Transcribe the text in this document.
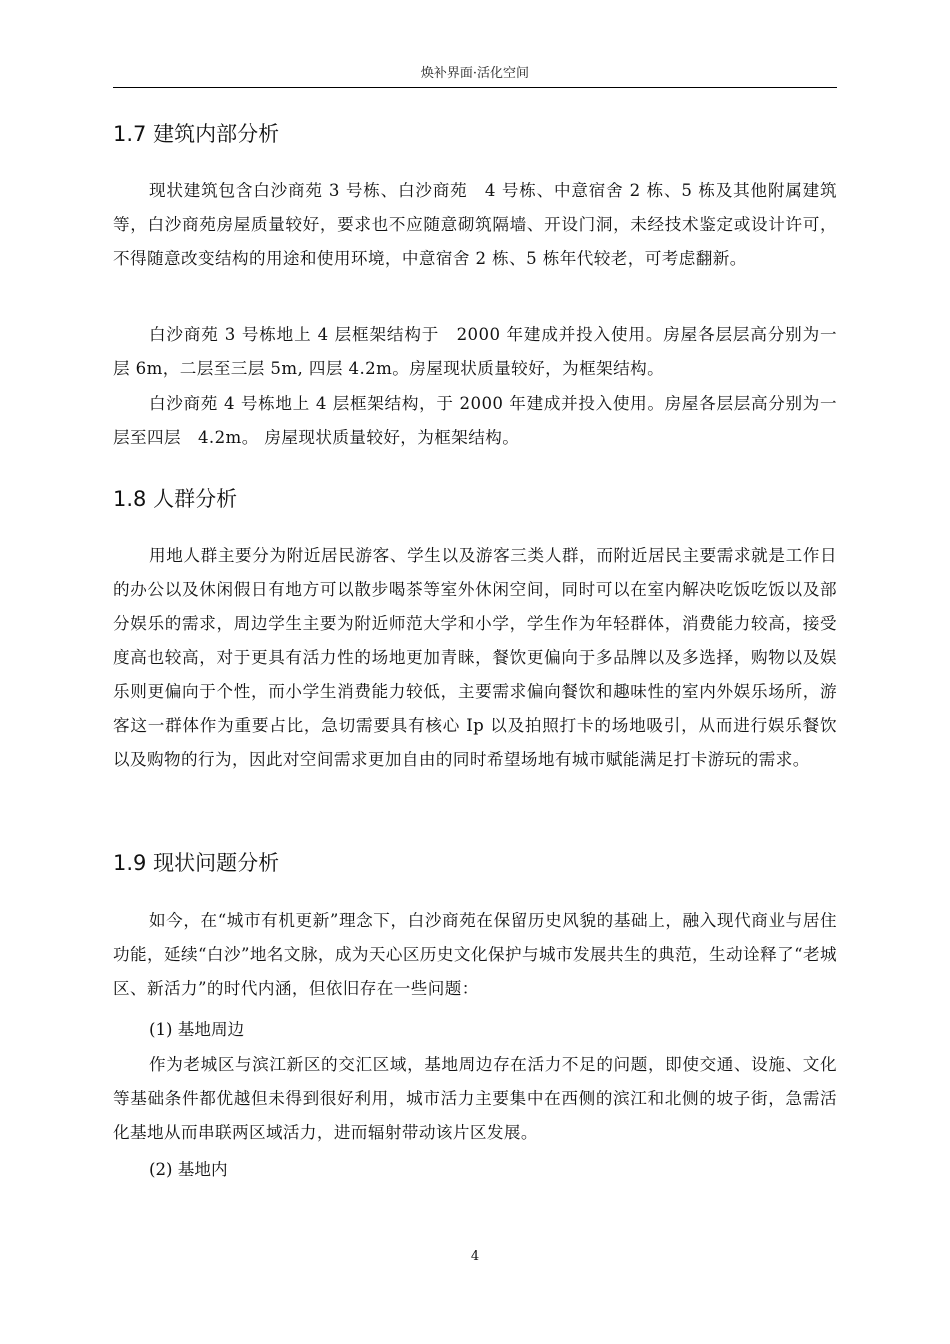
焕补界面·活化空间
1.7 建筑内部分析

现状建筑包含白沙商苑 3 号栋、白沙商苑　4 号栋、中意宿舍 2 栋、5 栋及其他附属建筑等，白沙商苑房屋质量较好，要求也不应随意砌筑隔墙、开设门洞，未经技术鉴定或设计许可，不得随意改变结构的用途和使用环境，中意宿舍 2 栋、5 栋年代较老，可考虑翻新。

白沙商苑 3 号栋地上 4 层框架结构于　2000 年建成并投入使用。房屋各层层高分别为一层 6m，二层至三层 5m, 四层 4.2m。房屋现状质量较好，为框架结构。

白沙商苑 4 号栋地上 4 层框架结构，于 2000 年建成并投入使用。房屋各层层高分别为一层至四层　4.2m。 房屋现状质量较好，为框架结构。

1.8 人群分析

用地人群主要分为附近居民游客、学生以及游客三类人群，而附近居民主要需求就是工作日的办公以及休闲假日有地方可以散步喝茶等室外休闲空间，同时可以在室内解决吃饭吃饭以及部分娱乐的需求，周边学生主要为附近师范大学和小学，学生作为年轻群体，消费能力较高，接受度高也较高，对于更具有活力性的场地更加青睐，餐饮更偏向于多品牌以及多选择，购物以及娱乐则更偏向于个性，而小学生消费能力较低，主要需求偏向餐饮和趣味性的室内外娱乐场所，游客这一群体作为重要占比，急切需要具有核心 Ip 以及拍照打卡的场地吸引，从而进行娱乐餐饮以及购物的行为，因此对空间需求更加自由的同时希望场地有城市赋能满足打卡游玩的需求。

1.9 现状问题分析

如今，在“城市有机更新”理念下，白沙商苑在保留历史风貌的基础上，融入现代商业与居住功能，延续“白沙”地名文脉，成为天心区历史文化保护与城市发展共生的典范，生动诠释了“老城区、新活力”的时代内涵，但依旧存在一些问题：

(1) 基地周边

作为老城区与滨江新区的交汇区域，基地周边存在活力不足的问题，即使交通、设施、文化等基础条件都优越但未得到很好利用，城市活力主要集中在西侧的滨江和北侧的坡子街，急需活化基地从而串联两区域活力，进而辐射带动该片区发展。

(2) 基地内

4
